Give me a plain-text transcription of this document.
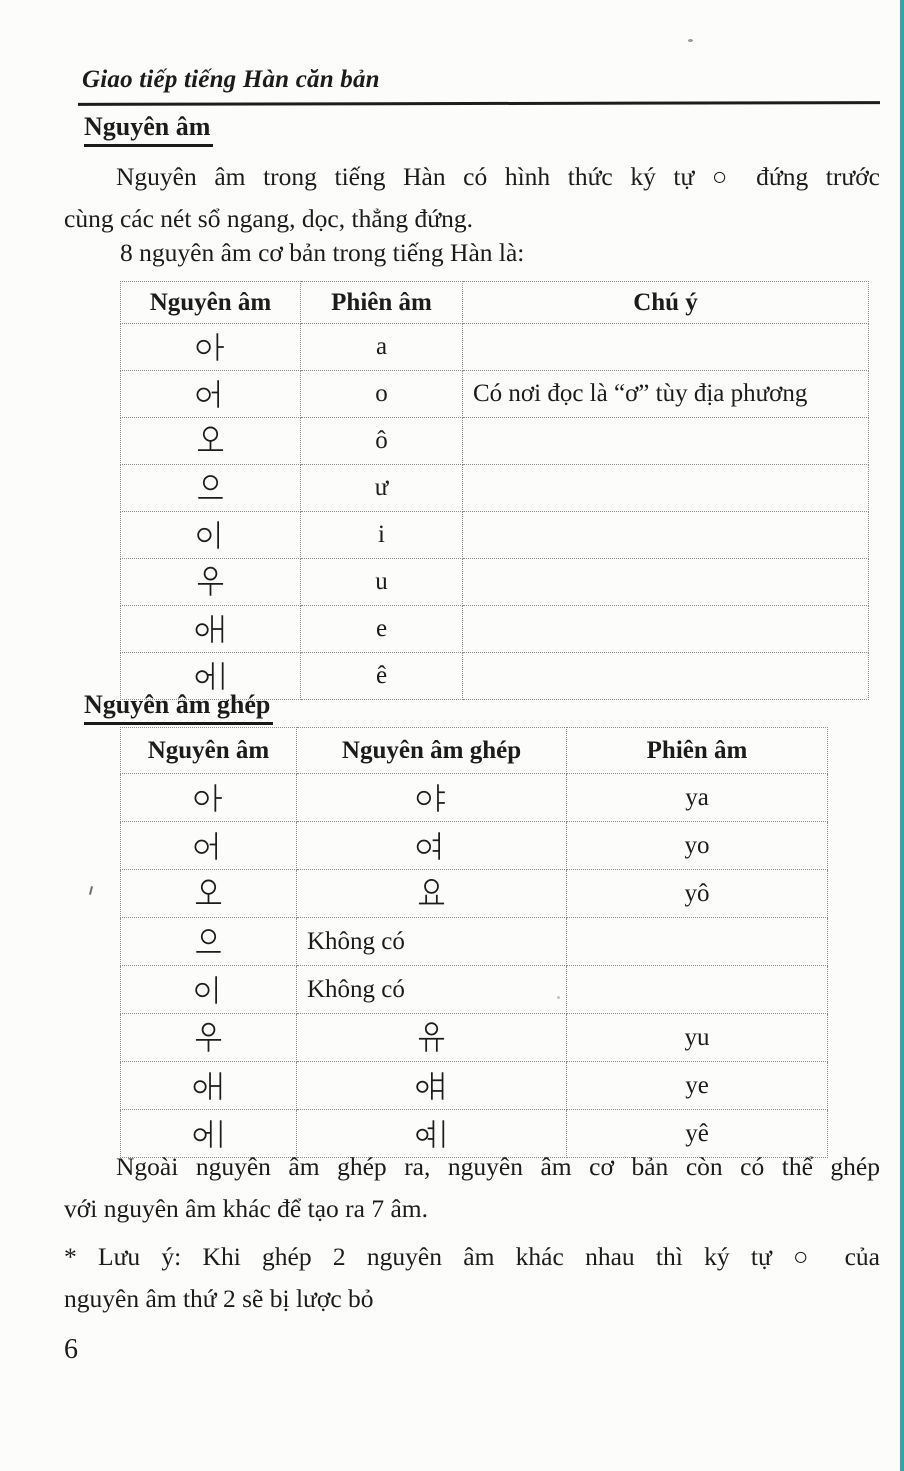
Giao tiếp tiếng Hàn căn bản
Nguyên âm
Nguyên âm trong tiếng Hàn có hình thức ký tự ○ đứng trước
cùng các nét sổ ngang, dọc, thẳng đứng.
8 nguyên âm cơ bản trong tiếng Hàn là:
Nguyên âm	Phiên âm	Chú ý
	a	
	o	Có nơi đọc là “ơ” tùy địa phương
	ô	
	ư	
	i	
	u	
	e	
	ê	
Nguyên âm ghép
Nguyên âm	Nguyên âm ghép	Phiên âm
		ya
		yo
		yô
	Không có	
	Không có	
		yu
		ye
		yê
Ngoài nguyên âm ghép ra, nguyên âm cơ bản còn có thể ghép
với nguyên âm khác để tạo ra 7 âm.
* Lưu ý: Khi ghép 2 nguyên âm khác nhau thì ký tự ○ của
nguyên âm thứ 2 sẽ bị lược bỏ
6
